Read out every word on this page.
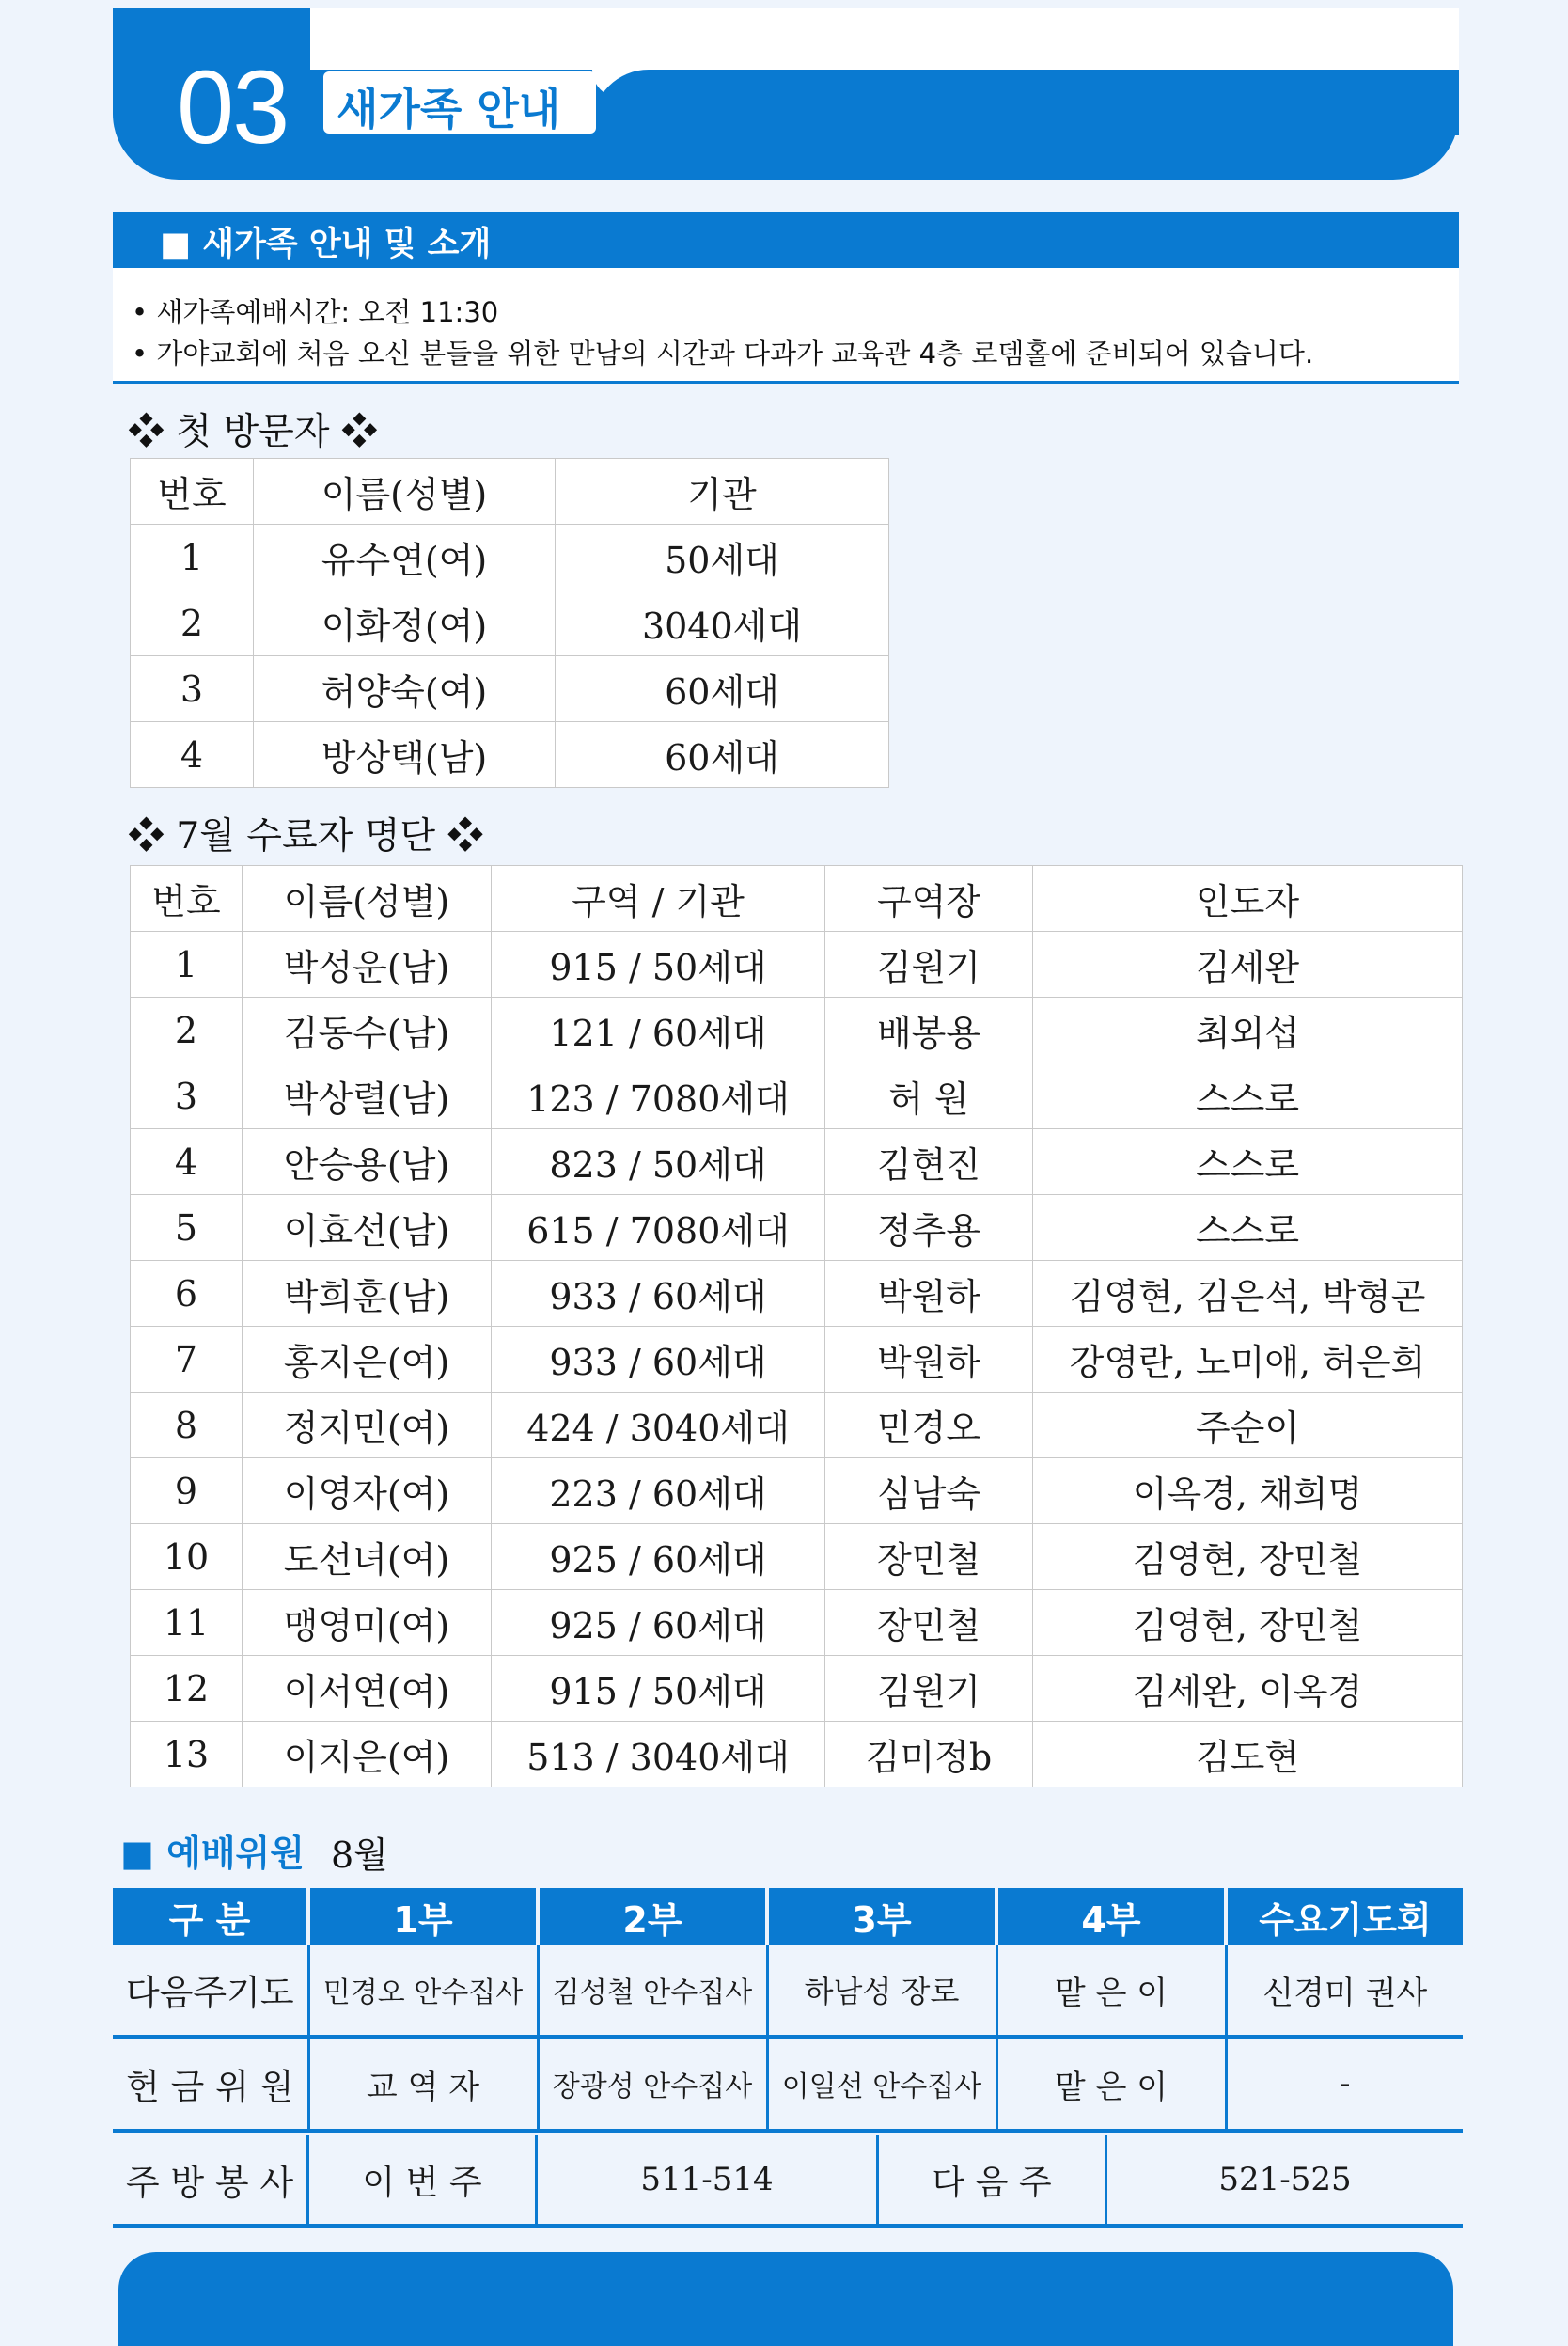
03 새가족 안내
■ 새가족 안내 및 소개
• 새가족예배시간: 오전 11:30
• 가야교회에 처음 오신 분들을 위한 만남의 시간과 다과가 교육관 4층 로뎀홀에 준비되어 있습니다.
❖ 첫 방문자 ❖
번호	이름(성별)	기관
1	유수연(여)	50세대
2	이화정(여)	3040세대
3	허양숙(여)	60세대
4	방상택(남)	60세대
❖ 7월 수료자 명단 ❖
번호	이름(성별)	구역 / 기관	구역장	인도자
1	박성운(남)	915 / 50세대	김원기	김세완
2	김동수(남)	121 / 60세대	배봉용	최외섭
3	박상렬(남)	123 / 7080세대	허 원	스스로
4	안승용(남)	823 / 50세대	김현진	스스로
5	이효선(남)	615 / 7080세대	정추용	스스로
6	박희훈(남)	933 / 60세대	박원하	김영현, 김은석, 박형곤
7	홍지은(여)	933 / 60세대	박원하	강영란, 노미애, 허은희
8	정지민(여)	424 / 3040세대	민경오	주순이
9	이영자(여)	223 / 60세대	심남숙	이옥경, 채희명
10	도선녀(여)	925 / 60세대	장민철	김영현, 장민철
11	맹영미(여)	925 / 60세대	장민철	김영현, 장민철
12	이서연(여)	915 / 50세대	김원기	김세완, 이옥경
13	이지은(여)	513 / 3040세대	김미정b	김도현
■ 예배위원 8월
구 분	1부	2부	3부	4부	수요기도회
다음주기도	민경오 안수집사	김성철 안수집사	하남성 장로	맡 은 이	신경미 권사
헌 금 위 원	교 역 자	장광성 안수집사	이일선 안수집사	맡 은 이	-
주 방 봉 사	이 번 주	511-514	다 음 주	521-525
